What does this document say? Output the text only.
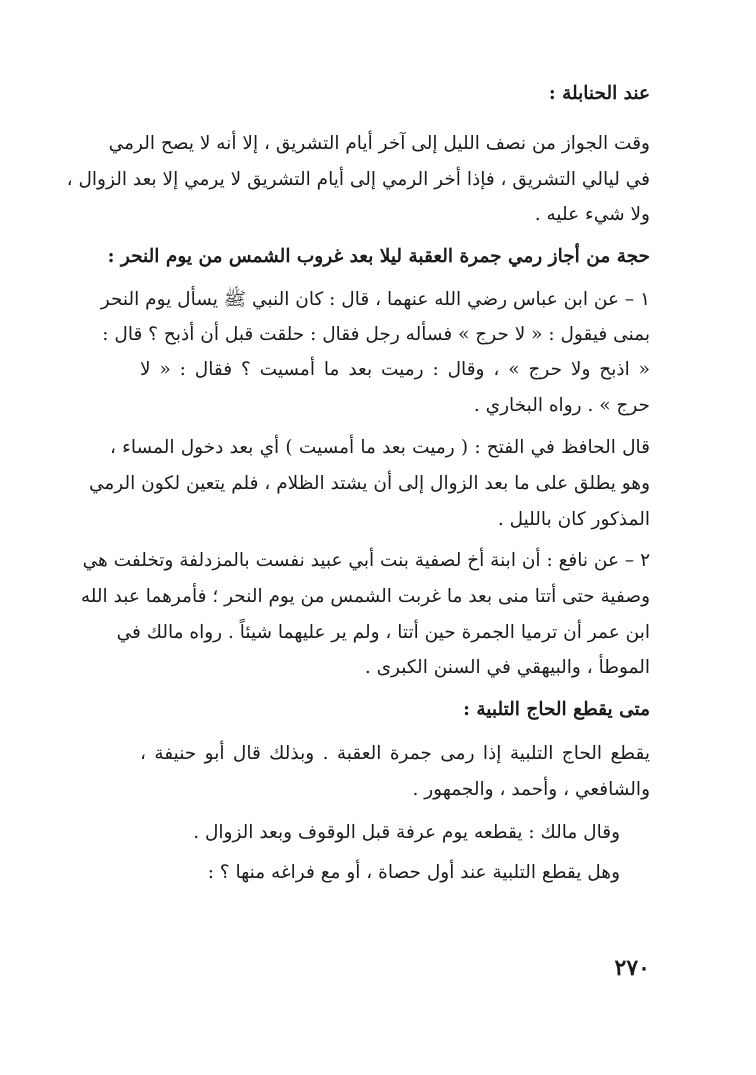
عند الحنابلة :
وقت الجواز من نصف الليل إلى آخر أيام التشريق ، إلا أنه لا يصح الرمي
في ليالي التشريق ، فإذا أخر الرمي إلى أيام التشريق لا يرمي إلا بعد الزوال ،
ولا شيء عليه .
حجة من أجاز رمي جمرة العقبة ليلا بعد غروب الشمس من يوم النحر :
١ – عن ابن عباس رضي الله عنهما ، قال : كان النبي ﷺ يسأل يوم النحر
بمنى فيقول : « لا حرج » فسأله رجل فقال : حلقت قبل أن أذبح ؟ قال :
« اذبح ولا حرج » ، وقال : رميت بعد ما أمسيت ؟ فقال : « لا
حرج » . رواه البخاري .
قال الحافظ في الفتح : ( رميت بعد ما أمسيت ) أي بعد دخول المساء ،
وهو يطلق على ما بعد الزوال إلى أن يشتد الظلام ، فلم يتعين لكون الرمي
المذكور كان بالليل .
٢ – عن نافع : أن ابنة أخ لصفية بنت أبي عبيد نفست بالمزدلفة وتخلفت هي
وصفية حتى أتتا منى بعد ما غربت الشمس من يوم النحر ؛ فأمرهما عبد الله
ابن عمر أن ترميا الجمرة حين أتتا ، ولم ير عليهما شيئاً . رواه مالك في
الموطأ ، والبيهقي في السنن الكبرى .
متى يقطع الحاج التلبية :
يقطع الحاج التلبية إذا رمى جمرة العقبة . وبذلك قال أبو حنيفة ،
والشافعي ، وأحمد ، والجمهور .
وقال مالك : يقطعه يوم عرفة قبل الوقوف وبعد الزوال .
وهل يقطع التلبية عند أول حصاة ، أو مع فراغه منها ؟ :
٢٧٠
